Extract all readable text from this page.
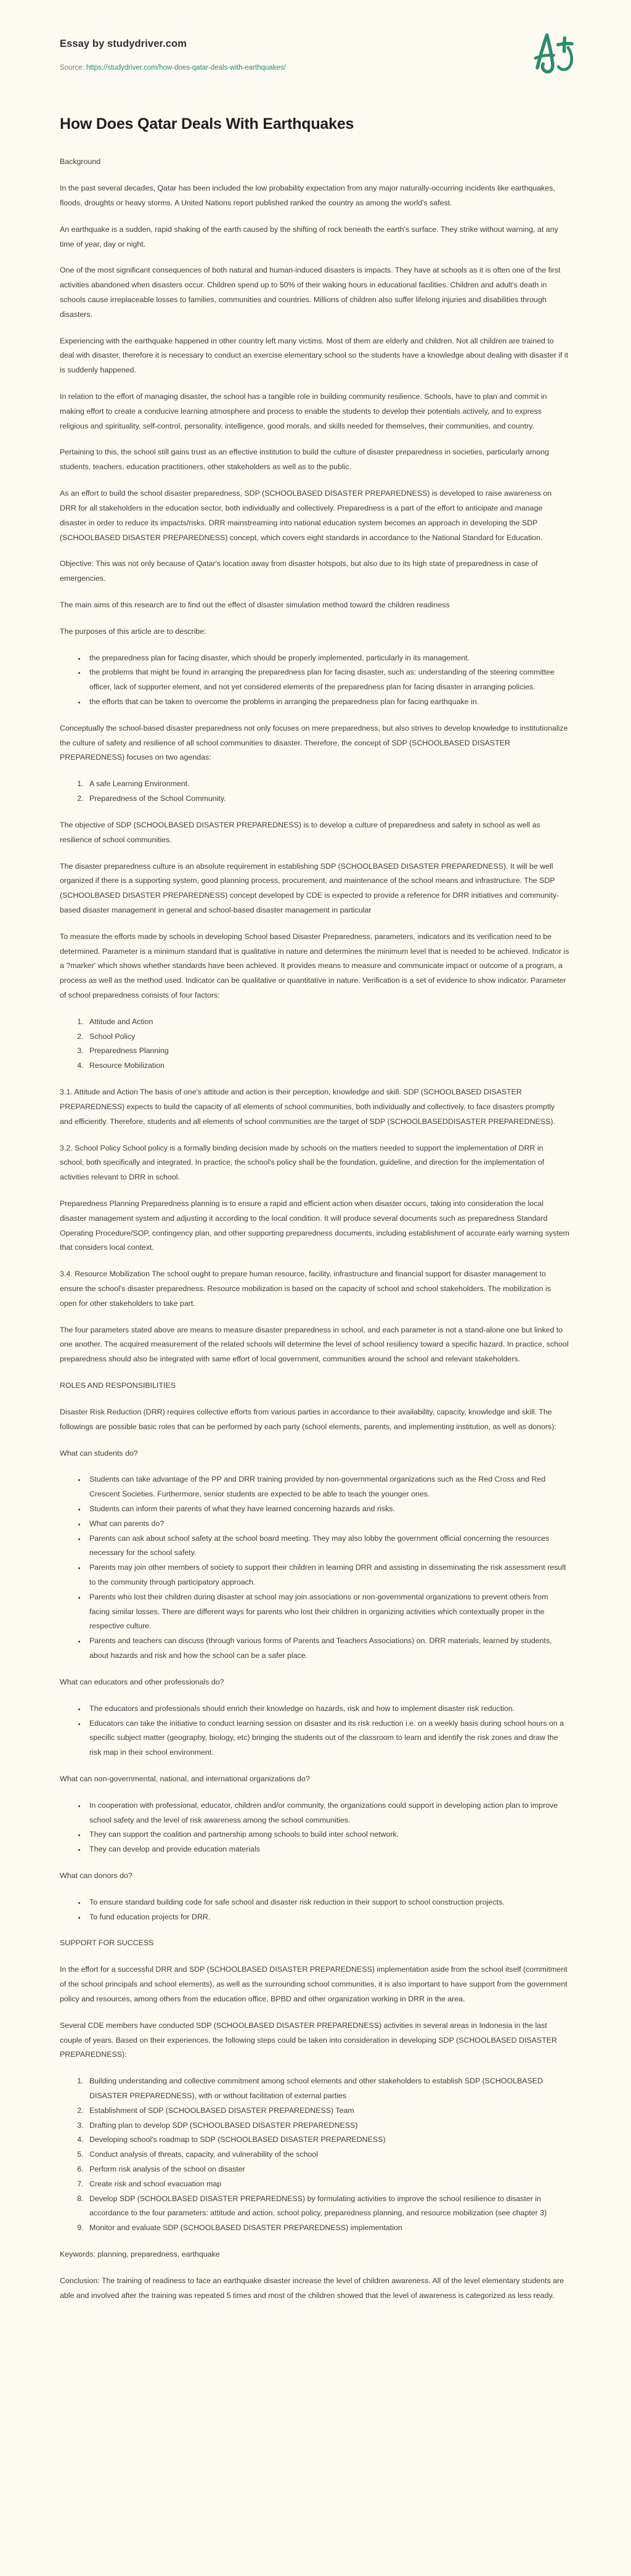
Essay by studydriver.com
Source: https://studydriver.com/how-does-qatar-deals-with-earthquakes/
How Does Qatar Deals With Earthquakes

Background

In the past several decades, Qatar has been included the low probability expectation from any major naturally-occurring incidents like earthquakes, floods, droughts or heavy storms. A United Nations report published ranked the country as among the world's safest.

An earthquake is a sudden, rapid shaking of the earth caused by the shifting of rock beneath the earth's surface. They strike without warning, at any time of year, day or night.

One of the most significant consequences of both natural and human-induced disasters is impacts. They have at schools as it is often one of the first activities abandoned when disasters occur. Children spend up to 50% of their waking hours in educational facilities. Children and adult's death in schools cause irreplaceable losses to families, communities and countries. Millions of children also suffer lifelong injuries and disabilities through disasters.

Experiencing with the earthquake happened in other country left many victims. Most of them are elderly and children. Not all children are trained to deal with disaster, therefore it is necessary to conduct an exercise elementary school so the students have a knowledge about dealing with disaster if it is suddenly happened.

In relation to the effort of managing disaster, the school has a tangible role in building community resilience. Schools, have to plan and commit in making effort to create a conducive learning atmosphere and process to enable the students to develop their potentials actively, and to express religious and spirituality, self-control, personality, intelligence, good morals, and skills needed for themselves, their communities, and country.

Pertaining to this, the school still gains trust as an effective institution to build the culture of disaster preparedness in societies, particularly among students, teachers, education practitioners, other stakeholders as well as to the public.

As an effort to build the school disaster preparedness, SDP (SCHOOLBASED DISASTER PREPAREDNESS) is developed to raise awareness on DRR for all stakeholders in the education sector, both individually and collectively. Preparedness is a part of the effort to anticipate and manage disaster in order to reduce its impacts/risks. DRR mainstreaming into national education system becomes an approach in developing the SDP (SCHOOLBASED DISASTER PREPAREDNESS) concept, which covers eight standards in accordance to the National Standard for Education.

Objective: This was not only because of Qatar's location away from disaster hotspots, but also due to its high state of preparedness in case of emergencies.

The main aims of this research are to find out the effect of disaster simulation method toward the children readiness

The purposes of this article are to describe:

• the preparedness plan for facing disaster, which should be properly implemented, particularly in its management.
• the problems that might be found in arranging the preparedness plan for facing disaster, such as: understanding of the steering committee officer, lack of supporter element, and not yet considered elements of the preparedness plan for facing disaster in arranging policies.
• the efforts that can be taken to overcome the problems in arranging the preparedness plan for facing earthquake in.

Conceptually the school-based disaster preparedness not only focuses on mere preparedness, but also strives to develop knowledge to institutionalize the culture of safety and resilience of all school communities to disaster. Therefore, the concept of SDP (SCHOOLBASED DISASTER PREPAREDNESS) focuses on two agendas:

1. A safe Learning Environment.
2. Preparedness of the School Community.

The objective of SDP (SCHOOLBASED DISASTER PREPAREDNESS) is to develop a culture of preparedness and safety in school as well as resilience of school communities.

The disaster preparedness culture is an absolute requirement in establishing SDP (SCHOOLBASED DISASTER PREPAREDNESS). It will be well organized if there is a supporting system, good planning process, procurement, and maintenance of the school means and infrastructure. The SDP (SCHOOLBASED DISASTER PREPAREDNESS) concept developed by CDE is expected to provide a reference for DRR initiatives and community-based disaster management in general and school-based disaster management in particular

To measure the efforts made by schools in developing School based Disaster Preparedness, parameters, indicators and its verification need to be determined. Parameter is a minimum standard that is qualitative in nature and determines the minimum level that is needed to be achieved. Indicator is a ?marker' which shows whether standards have been achieved. It provides means to measure and communicate impact or outcome of a program, a process as well as the method used. Indicator can be qualitative or quantitative in nature. Verification is a set of evidence to show indicator. Parameter of school preparedness consists of four factors:

1. Attitude and Action
2. School Policy
3. Preparedness Planning
4. Resource Mobilization

3.1. Attitude and Action The basis of one's attitude and action is their perception, knowledge and skill. SDP (SCHOOLBASED DISASTER PREPAREDNESS) expects to build the capacity of all elements of school communities, both individually and collectively, to face disasters promptly and efficiently. Therefore, students and all elements of school communities are the target of SDP (SCHOOLBASEDDISASTER PREPAREDNESS).

3.2. School Policy School policy is a formally binding decision made by schools on the matters needed to support the implementation of DRR in school, both specifically and integrated. In practice, the school's policy shall be the foundation, guideline, and direction for the implementation of activities relevant to DRR in school.

Preparedness Planning Preparedness planning is to ensure a rapid and efficient action when disaster occurs, taking into consideration the local disaster management system and adjusting it according to the local condition. It will produce several documents such as preparedness Standard Operating Procedure/SOP, contingency plan, and other supporting preparedness documents, including establishment of accurate early warning system that considers local context.

3.4. Resource Mobilization The school ought to prepare human resource, facility, infrastructure and financial support for disaster management to ensure the school's disaster preparedness. Resource mobilization is based on the capacity of school and school stakeholders. The mobilization is open for other stakeholders to take part.

The four parameters stated above are means to measure disaster preparedness in school, and each parameter is not a stand-alone one but linked to one another. The acquired measurement of the related schools will determine the level of school resiliency toward a specific hazard. In practice, school preparedness should also be integrated with same effort of local government, communities around the school and relevant stakeholders.

ROLES AND RESPONSIBILITIES

Disaster Risk Reduction (DRR) requires collective efforts from various parties in accordance to their availability, capacity, knowledge and skill. The followings are possible basic roles that can be performed by each party (school elements, parents, and implementing institution, as well as donors):

What can students do?

• Students can take advantage of the PP and DRR training provided by non-governmental organizations such as the Red Cross and Red Crescent Societies. Furthermore, senior students are expected to be able to teach the younger ones.
• Students can inform their parents of what they have learned concerning hazards and risks.
• What can parents do?
• Parents can ask about school safety at the school board meeting. They may also lobby the government official concerning the resources necessary for the school safety.
• Parents may join other members of society to support their children in learning DRR and assisting in disseminating the risk assessment result to the community through participatory approach.
• Parents who lost their children during disaster at school may join associations or non-governmental organizations to prevent others from facing similar losses. There are different ways for parents who lost their children in organizing activities which contextually proper in the respective culture.
• Parents and teachers can discuss (through various forms of Parents and Teachers Associations) on. DRR materials, learned by students, about hazards and risk and how the school can be a safer place.

What can educators and other professionals do?

• The educators and professionals should enrich their knowledge on hazards, risk and how to implement disaster risk reduction.
• Educators can take the initiative to conduct learning session on disaster and its risk reduction i.e. on a weekly basis during school hours on a specific subject matter (geography, biology, etc) bringing the students out of the classroom to learn and identify the risk zones and draw the risk map in their school environment.

What can non-governmental, national, and international organizations do?

• In cooperation with professional, educator, children and/or community, the organizations could support in developing action plan to improve school safety and the level of risk awareness among the school communities.
• They can support the coalition and partnership among schools to build inter school network.
• They can develop and provide education materials

What can donors do?

• To ensure standard building code for safe school and disaster risk reduction in their support to school construction projects.
• To fund education projects for DRR.

SUPPORT FOR SUCCESS

In the effort for a successful DRR and SDP (SCHOOLBASED DISASTER PREPAREDNESS) implementation aside from the school itself (commitment of the school principals and school elements), as well as the surrounding school communities, it is also important to have support from the government policy and resources, among others from the education office, BPBD and other organization working in DRR in the area.

Several CDE members have conducted SDP (SCHOOLBASED DISASTER PREPAREDNESS) activities in several areas in Indonesia in the last couple of years. Based on their experiences, the following steps could be taken into consideration in developing SDP (SCHOOLBASED DISASTER PREPAREDNESS):

1. Building understanding and collective commitment among school elements and other stakeholders to establish SDP (SCHOOLBASED DISASTER PREPAREDNESS), with or without facilitation of external parties
2. Establishment of SDP (SCHOOLBASED DISASTER PREPAREDNESS) Team
3. Drafting plan to develop SDP (SCHOOLBASED DISASTER PREPAREDNESS)
4. Developing school's roadmap to SDP (SCHOOLBASED DISASTER PREPAREDNESS)
5. Conduct analysis of threats, capacity, and vulnerability of the school
6. Perform risk analysis of the school on disaster
7. Create risk and school evacuation map
8. Develop SDP (SCHOOLBASED DISASTER PREPAREDNESS) by formulating activities to improve the school resilience to disaster in accordance to the four parameters: attitude and action, school policy, preparedness planning, and resource mobilization (see chapter 3)
9. Monitor and evaluate SDP (SCHOOLBASED DISASTER PREPAREDNESS) implementation

Keywords: planning, preparedness, earthquake

Conclusion: The training of readiness to face an earthquake disaster increase the level of children awareness. All of the level elementary students are able and involved after the training was repeated 5 times and most of the children showed that the level of awareness is categorized as less ready.
